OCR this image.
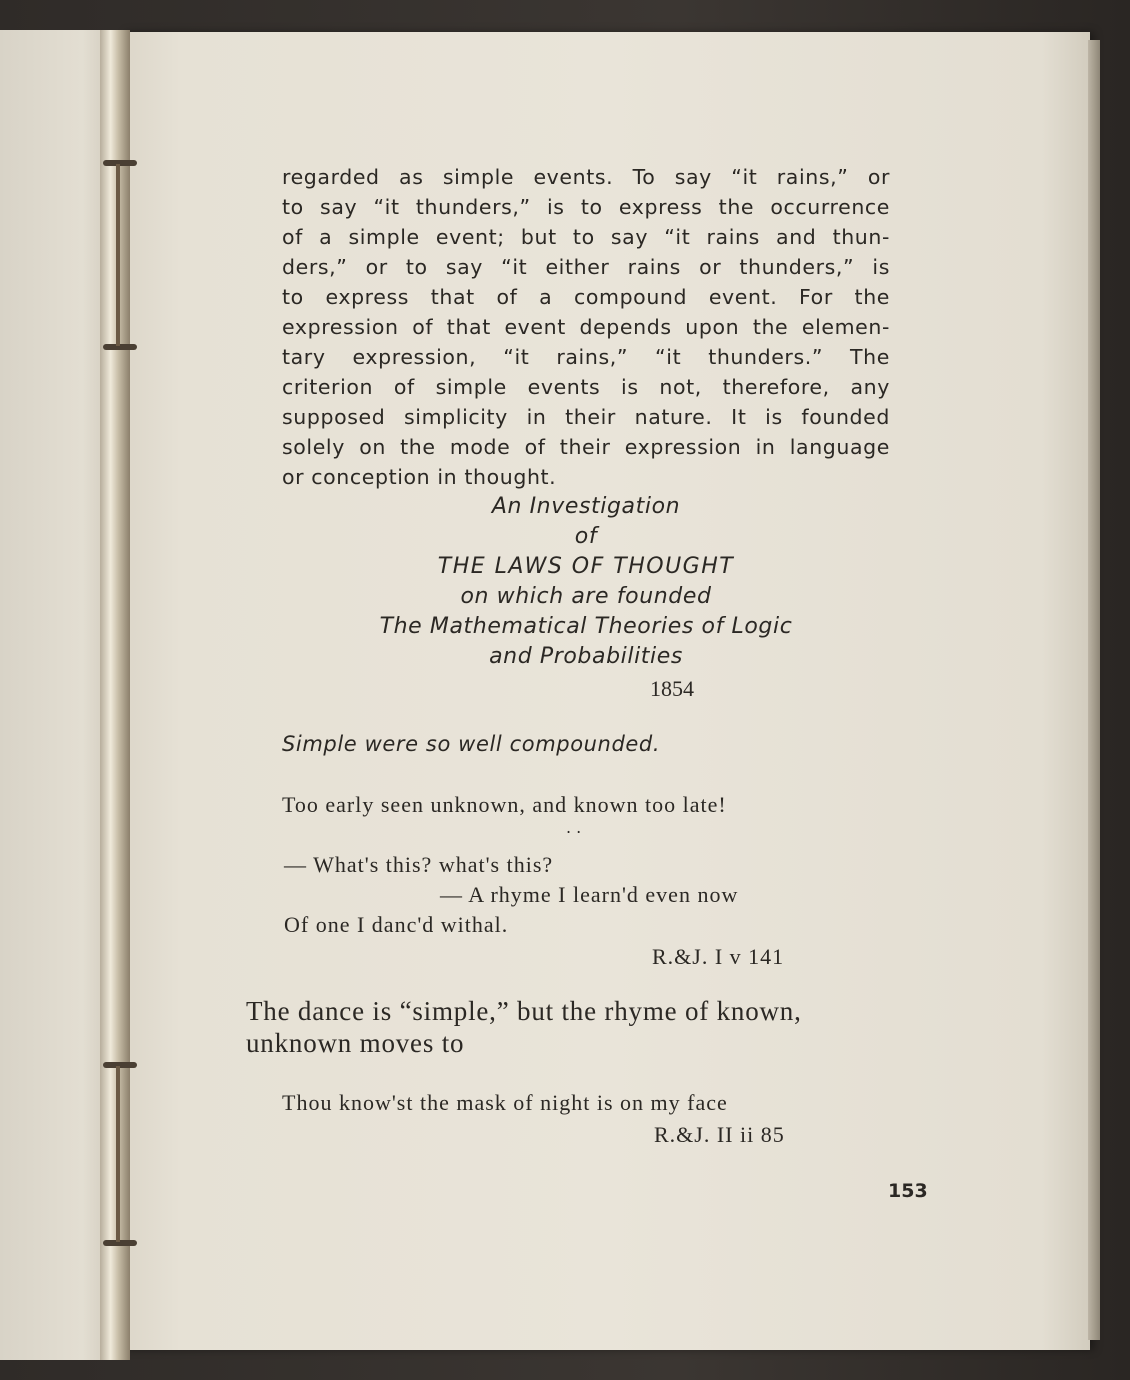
regarded as simple events. To say “it rains,” or
to say “it thunders,” is to express the occurrence
of a simple event; but to say “it rains and thun-
ders,” or to say “it either rains or thunders,” is
to express that of a compound event. For the
expression of that event depends upon the elemen-
tary expression, “it rains,” “it thunders.” The
criterion of simple events is not, therefore, any
supposed simplicity in their nature. It is founded
solely on the mode of their expression in language
or conception in thought.
An Investigation
of
THE LAWS OF THOUGHT
on which are founded
The Mathematical Theories of Logic
and Probabilities
1854
Simple were so well compounded.
Too early seen unknown, and known too late!
. .
— What's this? what's this?
— A rhyme I learn'd even now
Of one I danc'd withal.
R.&J. I v 141
The dance is “simple,” but the rhyme of known,
unknown moves to
Thou know'st the mask of night is on my face
R.&J. II ii 85
153
